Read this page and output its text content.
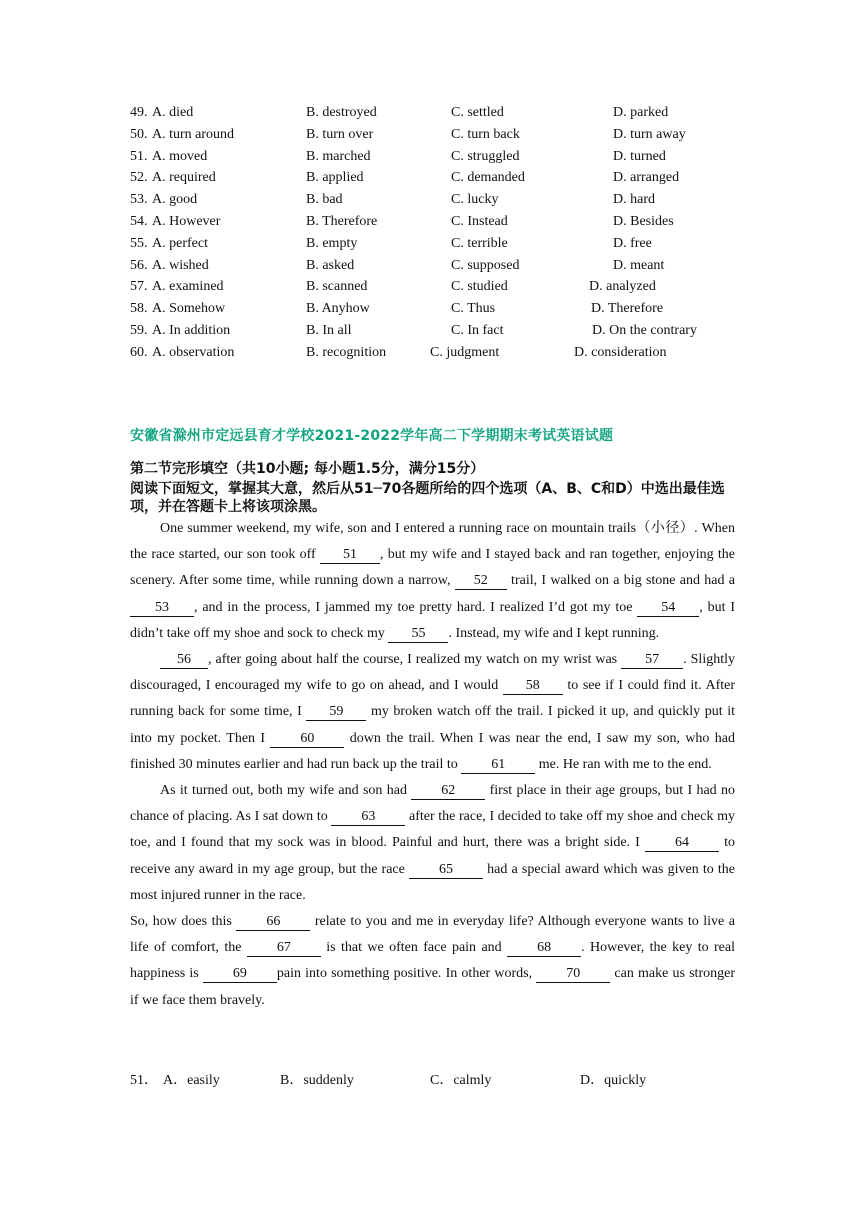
49. A. died	B. destroyed	C. settled	D. parked
50. A. turn around	B. turn over	C. turn back	D. turn away
51. A. moved	B. marched	C. struggled	D. turned
52. A. required	B. applied	C. demanded	D. arranged
53. A. good	B. bad	C. lucky	D. hard
54. A. However	B. Therefore	C. Instead	D. Besides
55. A. perfect	B. empty	C. terrible	D. free
56. A. wished	B. asked	C. supposed	D. meant
57. A. examined	B. scanned	C. studied	D. analyzed
58. A. Somehow	B. Anyhow	C. Thus	D. Therefore
59. A. In addition	B. In all	C. In fact	D. On the contrary
60. A. observation	B. recognition	C. judgment	D. consideration
安徽省滁州市定远县育才学校2021-2022学年高二下学期期末考试英语试题
第二节完形填空（共10小题; 每小题1.5分，满分15分）
阅读下面短文，掌握其大意，然后从51─70各题所给的四个选项（A、B、C和D）中选出最佳选项，并在答题卡上将该项涂黑。

One summer weekend, my wife, son and I entered a running race on mountain trails（小径）. When the race started, our son took off 51 , but my wife and I stayed back and ran together, enjoying the scenery. After some time, while running down a narrow, 52 trail, I walked on a big stone and had a 53 , and in the process, I jammed my toe pretty hard. I realized I’d got my toe 54 , but I didn’t take off my shoe and sock to check my 55 . Instead, my wife and I kept running.

56 , after going about half the course, I realized my watch on my wrist was 57 . Slightly discouraged, I encouraged my wife to go on ahead, and I would 58 to see if I could find it. After running back for some time, I 59 my broken watch off the trail. I picked it up, and quickly put it into my pocket. Then I 60 down the trail. When I was near the end, I saw my son, who had finished 30 minutes earlier and had run back up the trail to 61 me. He ran with me to the end.

As it turned out, both my wife and son had 62 first place in their age groups, but I had no chance of placing. As I sat down to 63 after the race, I decided to take off my shoe and check my toe, and I found that my sock was in blood. Painful and hurt, there was a bright side. I 64 to receive any award in my age group, but the race 65 had a special award which was given to the most injured runner in the race.

So, how does this 66 relate to you and me in everyday life? Although everyone wants to live a life of comfort, the 67 is that we often face pain and 68 . However, the key to real happiness is 69 pain into something positive. In other words, 70 can make us stronger if we face them bravely.

51． A．easily	B．suddenly	C．calmly	D．quickly
